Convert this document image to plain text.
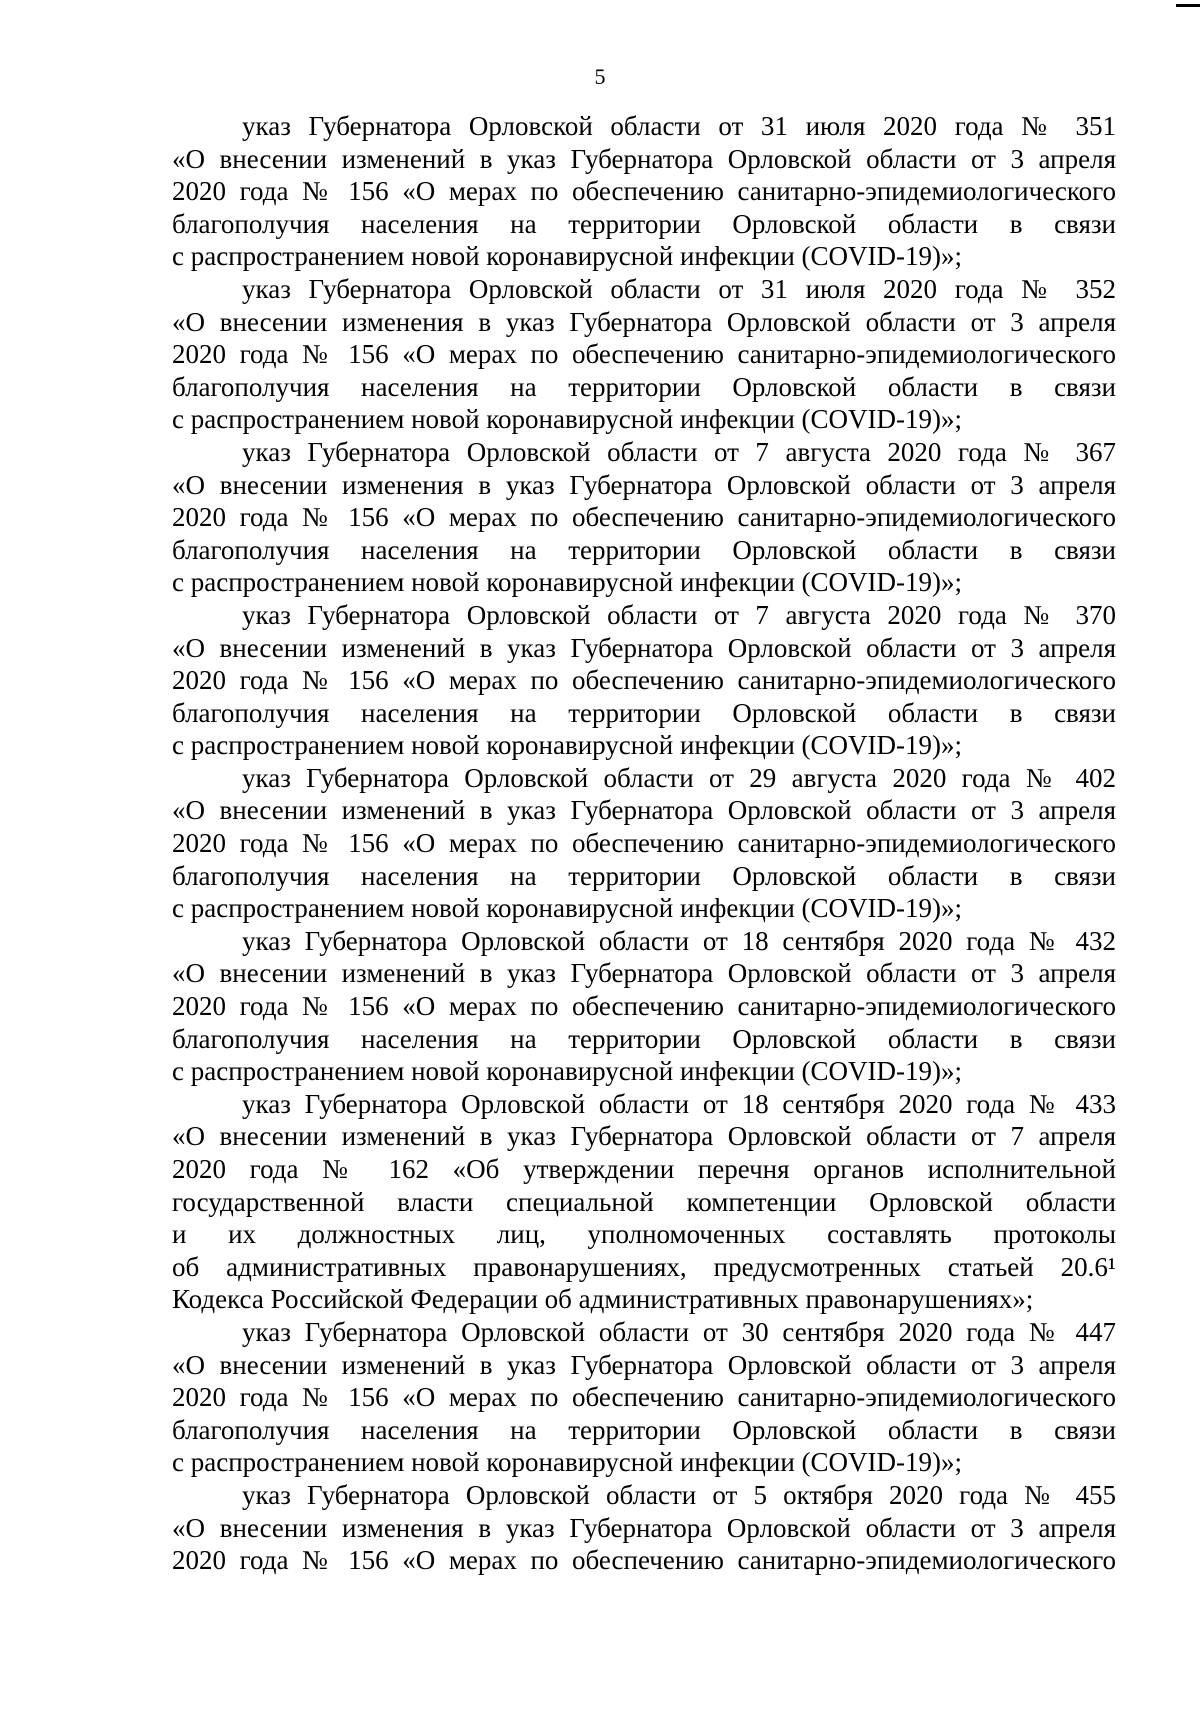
5
указ Губернатора Орловской области от 31 июля 2020 года № 351
«О внесении изменений в указ Губернатора Орловской области от 3 апреля
2020 года № 156 «О мерах по обеспечению санитарно-эпидемиологического
благополучия населения на территории Орловской области в связи
с распространением новой коронавирусной инфекции (COVID-19)»;
указ Губернатора Орловской области от 31 июля 2020 года № 352
«О внесении изменения в указ Губернатора Орловской области от 3 апреля
2020 года № 156 «О мерах по обеспечению санитарно-эпидемиологического
благополучия населения на территории Орловской области в связи
с распространением новой коронавирусной инфекции (COVID-19)»;
указ Губернатора Орловской области от 7 августа 2020 года № 367
«О внесении изменения в указ Губернатора Орловской области от 3 апреля
2020 года № 156 «О мерах по обеспечению санитарно-эпидемиологического
благополучия населения на территории Орловской области в связи
с распространением новой коронавирусной инфекции (COVID-19)»;
указ Губернатора Орловской области от 7 августа 2020 года № 370
«О внесении изменений в указ Губернатора Орловской области от 3 апреля
2020 года № 156 «О мерах по обеспечению санитарно-эпидемиологического
благополучия населения на территории Орловской области в связи
с распространением новой коронавирусной инфекции (COVID-19)»;
указ Губернатора Орловской области от 29 августа 2020 года № 402
«О внесении изменений в указ Губернатора Орловской области от 3 апреля
2020 года № 156 «О мерах по обеспечению санитарно-эпидемиологического
благополучия населения на территории Орловской области в связи
с распространением новой коронавирусной инфекции (COVID-19)»;
указ Губернатора Орловской области от 18 сентября 2020 года № 432
«О внесении изменений в указ Губернатора Орловской области от 3 апреля
2020 года № 156 «О мерах по обеспечению санитарно-эпидемиологического
благополучия населения на территории Орловской области в связи
с распространением новой коронавирусной инфекции (COVID-19)»;
указ Губернатора Орловской области от 18 сентября 2020 года № 433
«О внесении изменений в указ Губернатора Орловской области от 7 апреля
2020 года № 162 «Об утверждении перечня органов исполнительной
государственной власти специальной компетенции Орловской области
и их должностных лиц, уполномоченных составлять протоколы
об административных правонарушениях, предусмотренных статьей 20.6¹
Кодекса Российской Федерации об административных правонарушениях»;
указ Губернатора Орловской области от 30 сентября 2020 года № 447
«О внесении изменений в указ Губернатора Орловской области от 3 апреля
2020 года № 156 «О мерах по обеспечению санитарно-эпидемиологического
благополучия населения на территории Орловской области в связи
с распространением новой коронавирусной инфекции (COVID-19)»;
указ Губернатора Орловской области от 5 октября 2020 года № 455
«О внесении изменения в указ Губернатора Орловской области от 3 апреля
2020 года № 156 «О мерах по обеспечению санитарно-эпидемиологического
